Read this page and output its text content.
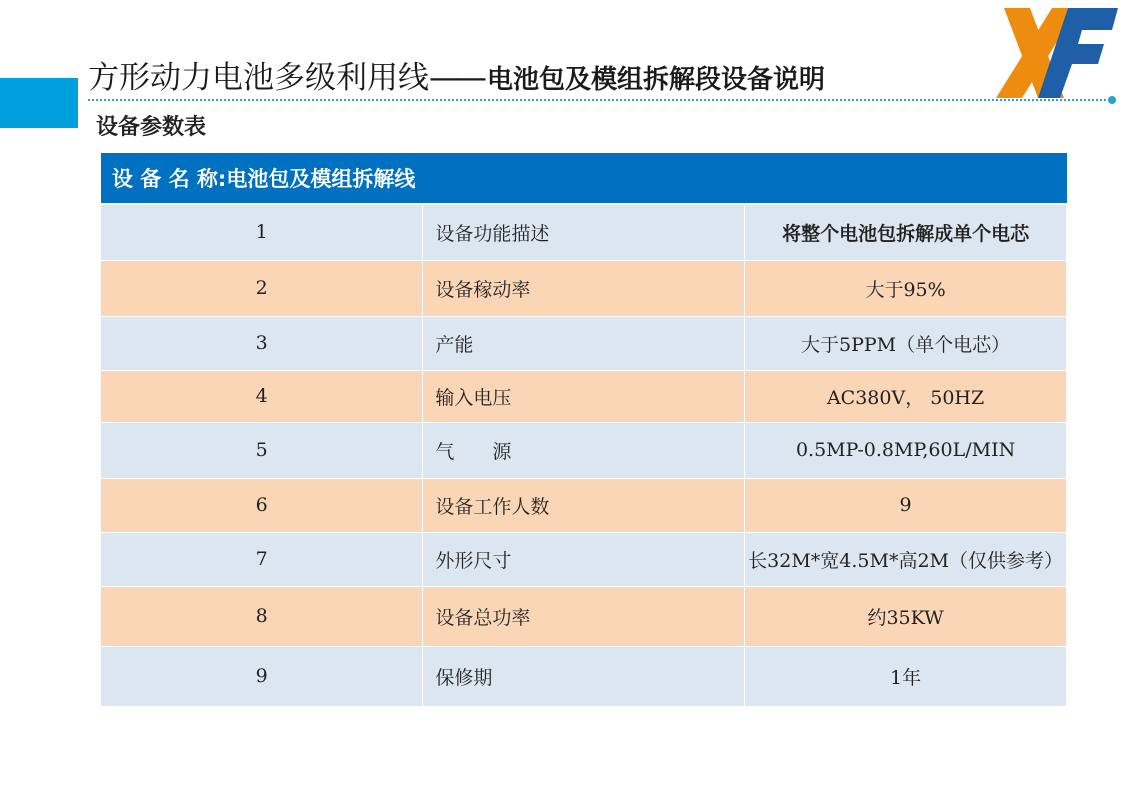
方形动力电池多级利用线—— 电池包及模组拆解段设备说明
设备参数表
设 备 名 称:电池包及模组拆解线		
1	设备功能描述	将整个电池包拆解成单个电芯
2	设备稼动率	大于95%
3	产能	大于5PPM（单个电芯）
4	输入电压	AC380V， 50HZ
5	气　　源	0.5MP-0.8MP,60L/MIN
6	设备工作人数	9
7	外形尺寸	长32M*宽4.5M*高2M（仅供参考）
8	设备总功率	约35KW
9	保修期	1年
